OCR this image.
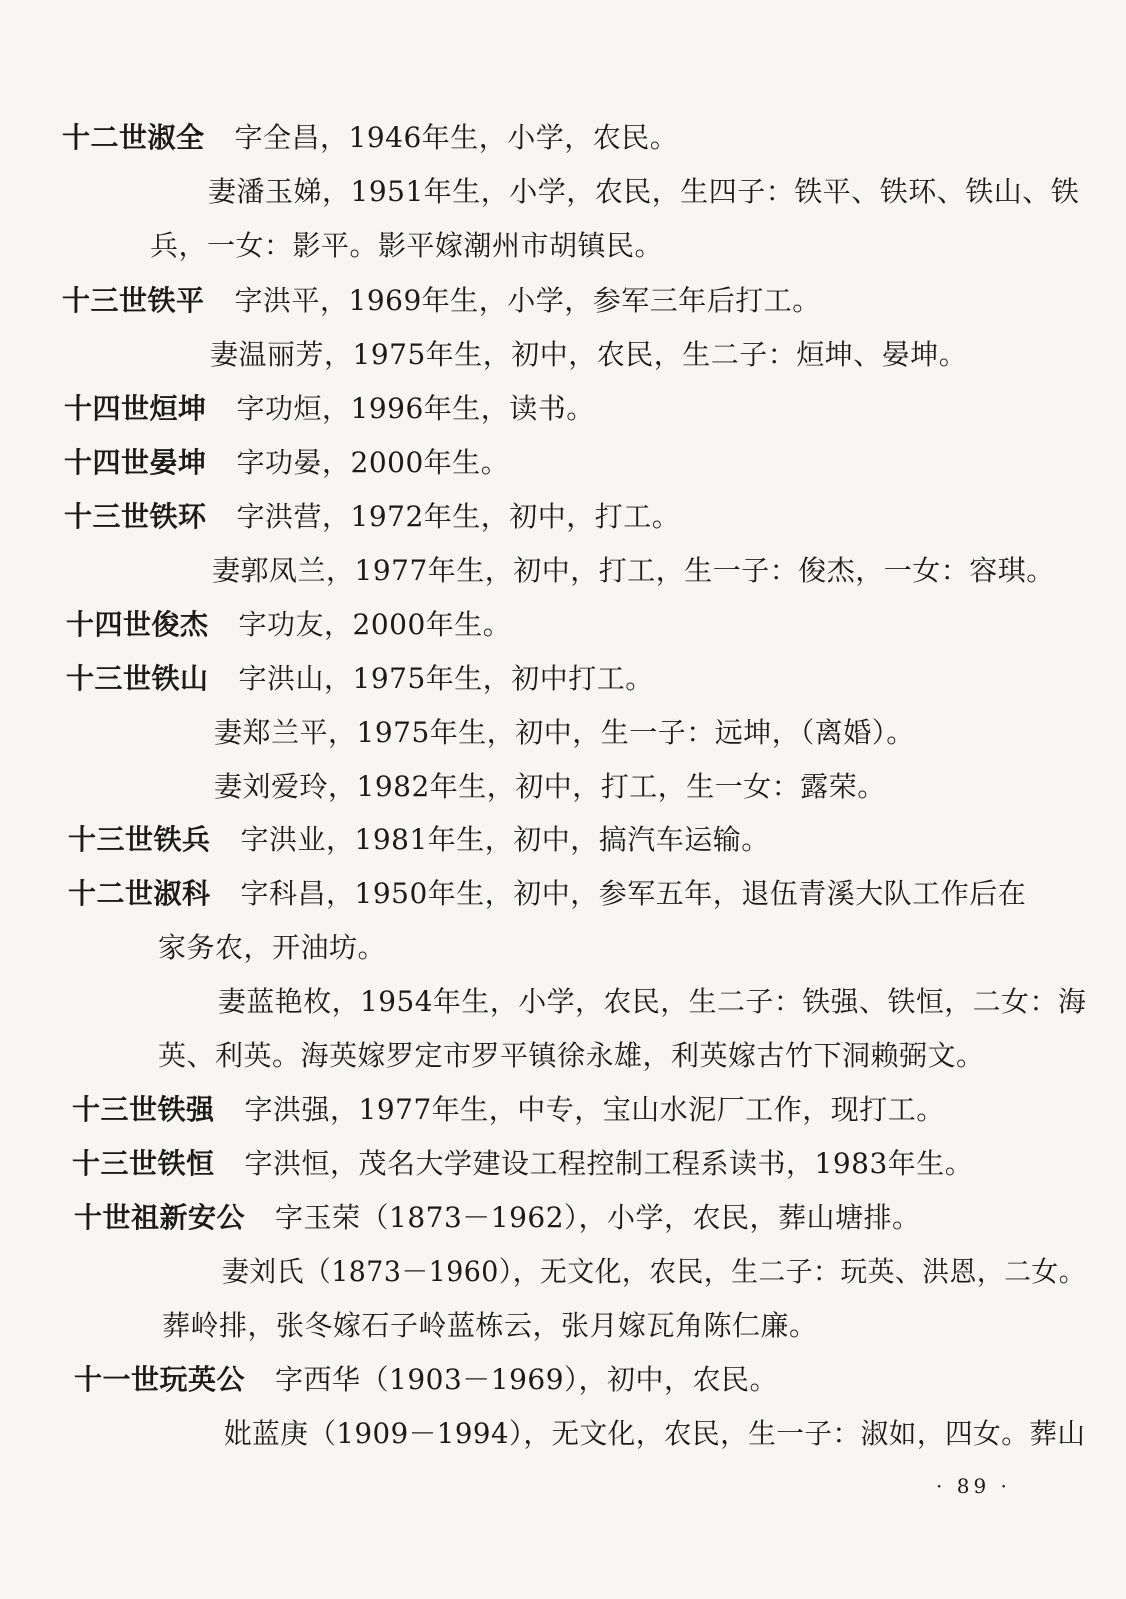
十二世淑全 字全昌，1946年生，小学，农民。
妻潘玉娣，1951年生，小学，农民，生四子：铁平、铁环、铁山、铁
兵，一女：影平。影平嫁潮州市胡镇民。
十三世铁平 字洪平，1969年生，小学，参军三年后打工。
妻温丽芳，1975年生，初中，农民，生二子：烜坤、晏坤。
十四世烜坤 字功烜，1996年生，读书。
十四世晏坤 字功晏，2000年生。
十三世铁环 字洪营，1972年生，初中，打工。
妻郭凤兰，1977年生，初中，打工，生一子：俊杰，一女：容琪。
十四世俊杰 字功友，2000年生。
十三世铁山 字洪山，1975年生，初中打工。
妻郑兰平，1975年生，初中，生一子：远坤，（离婚）。
妻刘爱玲，1982年生，初中，打工，生一女：露荣。
十三世铁兵 字洪业，1981年生，初中，搞汽车运输。
十二世淑科 字科昌，1950年生，初中，参军五年，退伍青溪大队工作后在
家务农，开油坊。
妻蓝艳枚，1954年生，小学，农民，生二子：铁强、铁恒，二女：海
英、利英。海英嫁罗定市罗平镇徐永雄，利英嫁古竹下洞赖弼文。
十三世铁强 字洪强，1977年生，中专，宝山水泥厂工作，现打工。
十三世铁恒 字洪恒，茂名大学建设工程控制工程系读书，1983年生。
十世祖新安公 字玉荣（1873－1962），小学，农民，葬山塘排。
妻刘氏（1873－1960），无文化，农民，生二子：玩英、洪恩，二女。
葬岭排，张冬嫁石子岭蓝栋云，张月嫁瓦角陈仁廉。
十一世玩英公 字西华（1903－1969），初中，农民。
妣蓝庚（1909－1994），无文化，农民，生一子：淑如，四女。葬山
· 89 ·
